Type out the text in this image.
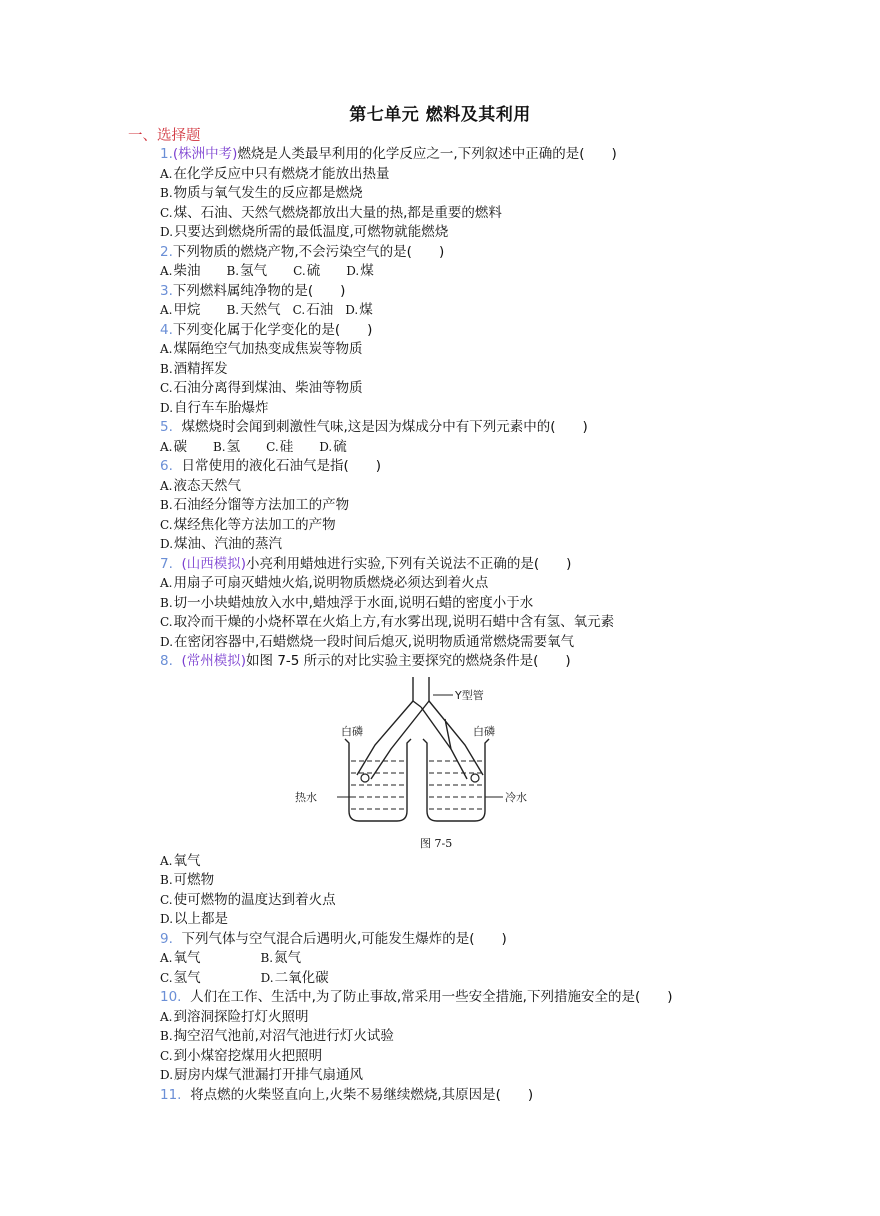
第七单元 燃料及其利用
一、选择题
1.(株洲中考)燃烧是人类最早利用的化学反应之一,下列叙述中正确的是(　　)
A.在化学反应中只有燃烧才能放出热量
B.物质与氧气发生的反应都是燃烧
C.煤、石油、天然气燃烧都放出大量的热,都是重要的燃料
D.只要达到燃烧所需的最低温度,可燃物就能燃烧
2.下列物质的燃烧产物,不会污染空气的是(　　)
A.柴油 B.氢气 C.硫 D.煤
3.下列燃料属纯净物的是(　　)
A.甲烷 B.天然气 C.石油 D.煤
4.下列变化属于化学变化的是(　　)
A.煤隔绝空气加热变成焦炭等物质
B.酒精挥发
C.石油分离得到煤油、柴油等物质
D.自行车车胎爆炸
5. 煤燃烧时会闻到刺激性气味,这是因为煤成分中有下列元素中的(　　)
A.碳 B.氢 C.硅 D.硫
6. 日常使用的液化石油气是指(　　)
A.液态天然气
B.石油经分馏等方法加工的产物
C.煤经焦化等方法加工的产物
D.煤油、汽油的蒸汽
7. (山西模拟)小亮利用蜡烛进行实验,下列有关说法不正确的是(　　)
A.用扇子可扇灭蜡烛火焰,说明物质燃烧必须达到着火点
B.切一小块蜡烛放入水中,蜡烛浮于水面,说明石蜡的密度小于水
C.取冷而干燥的小烧杯罩在火焰上方,有水雾出现,说明石蜡中含有氢、氧元素
D.在密闭容器中,石蜡燃烧一段时间后熄灭,说明物质通常燃烧需要氧气
8. (常州模拟)如图 7-5 所示的对比实验主要探究的燃烧条件是(　　)
Y型管
白磷	白磷
热水	冷水
图 7-5
A.氧气
B.可燃物
C.使可燃物的温度达到着火点
D.以上都是
9. 下列气体与空气混合后遇明火,可能发生爆炸的是(　　)
A.氧气	B.氮气
C.氢气	D.二氧化碳
10. 人们在工作、生活中,为了防止事故,常采用一些安全措施,下列措施安全的是(　　)
A.到溶洞探险打灯火照明
B.掏空沼气池前,对沼气池进行灯火试验
C.到小煤窑挖煤用火把照明
D.厨房内煤气泄漏打开排气扇通风
11. 将点燃的火柴竖直向上,火柴不易继续燃烧,其原因是(　　)
